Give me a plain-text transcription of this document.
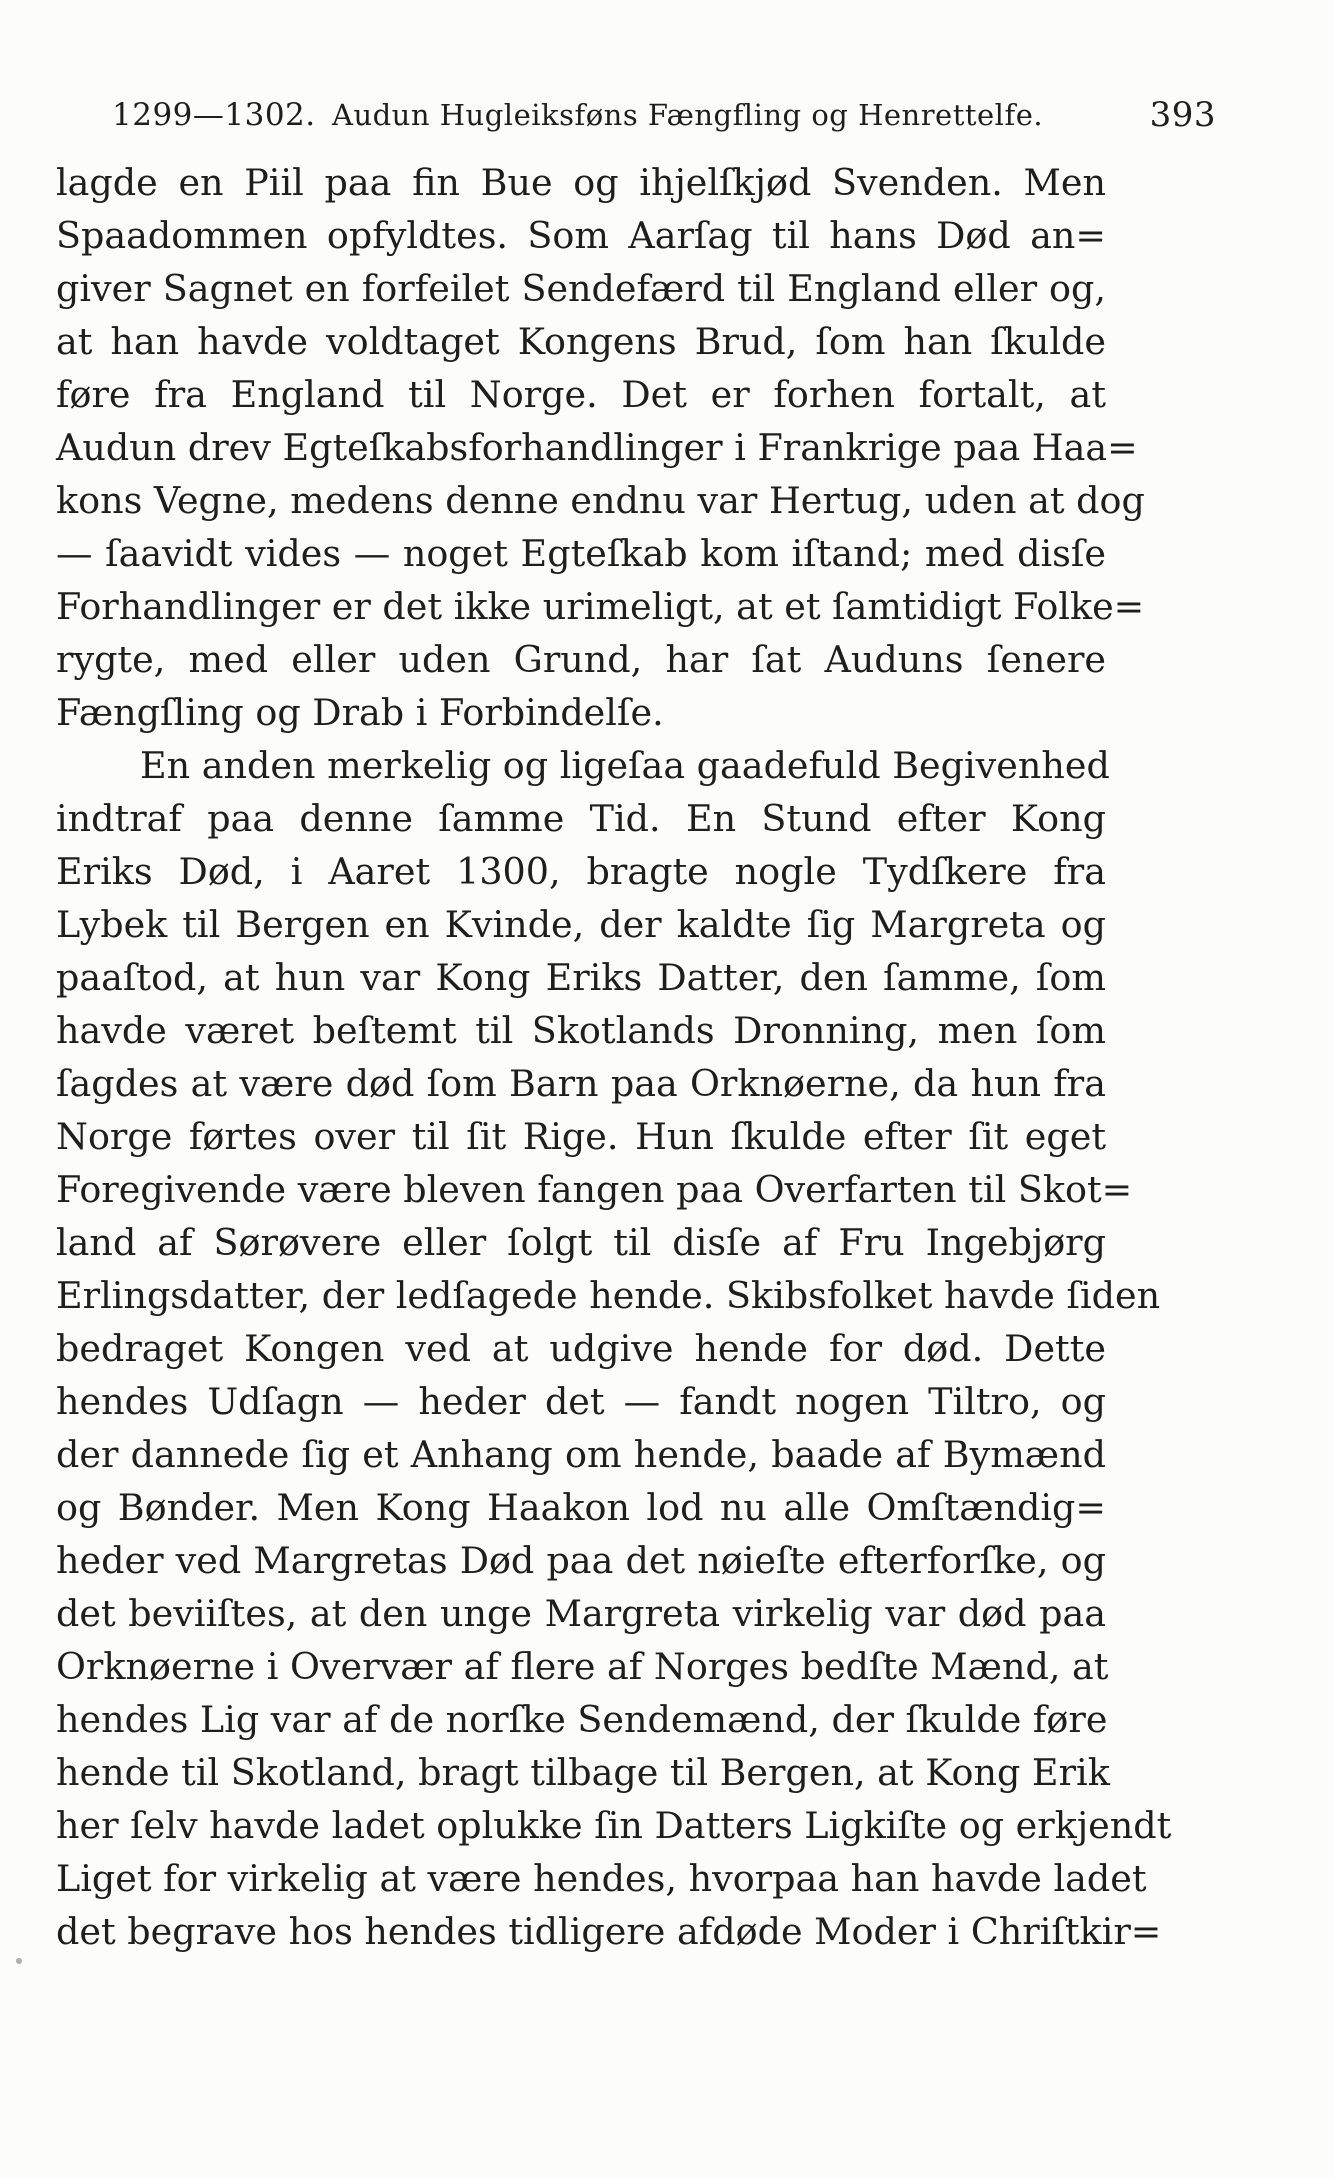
1299—1302. Audun Hugleiksføns Fængfling og Henrettelfe.	393
lagde en Piil paa fin Bue og ihjelſkjød Svenden. Men
Spaadommen opfyldtes. Som Aarſag til hans Død an=
giver Sagnet en forfeilet Sendefærd til England eller og,
at han havde voldtaget Kongens Brud, ſom han ſkulde
føre fra England til Norge. Det er forhen fortalt, at
Audun drev Egteſkabsforhandlinger i Frankrige paa Haa=
kons Vegne, medens denne endnu var Hertug, uden at dog
— ſaavidt vides — noget Egteſkab kom iſtand; med disſe
Forhandlinger er det ikke urimeligt, at et ſamtidigt Folke=
rygte, med eller uden Grund, har ſat Auduns ſenere
Fængſling og Drab i Forbindelſe.
En anden merkelig og ligeſaa gaadefuld Begivenhed
indtraf paa denne ſamme Tid. En Stund efter Kong
Eriks Død, i Aaret 1300, bragte nogle Tydſkere fra
Lybek til Bergen en Kvinde, der kaldte ſig Margreta og
paaſtod, at hun var Kong Eriks Datter, den ſamme, ſom
havde været beſtemt til Skotlands Dronning, men ſom
ſagdes at være død ſom Barn paa Orknøerne, da hun fra
Norge førtes over til ſit Rige. Hun ſkulde efter ſit eget
Foregivende være bleven fangen paa Overfarten til Skot=
land af Sørøvere eller ſolgt til disſe af Fru Ingebjørg
Erlingsdatter, der ledſagede hende. Skibsfolket havde ſiden
bedraget Kongen ved at udgive hende for død. Dette
hendes Udſagn — heder det — fandt nogen Tiltro, og
der dannede ſig et Anhang om hende, baade af Bymænd
og Bønder. Men Kong Haakon lod nu alle Omſtændig=
heder ved Margretas Død paa det nøieſte efterforſke, og
det beviiſtes, at den unge Margreta virkelig var død paa
Orknøerne i Overvær af flere af Norges bedſte Mænd, at
hendes Lig var af de norſke Sendemænd, der ſkulde føre
hende til Skotland, bragt tilbage til Bergen, at Kong Erik
her ſelv havde ladet oplukke ſin Datters Ligkiſte og erkjendt
Liget for virkelig at være hendes, hvorpaa han havde ladet
det begrave hos hendes tidligere afdøde Moder i Chriſtkir=
